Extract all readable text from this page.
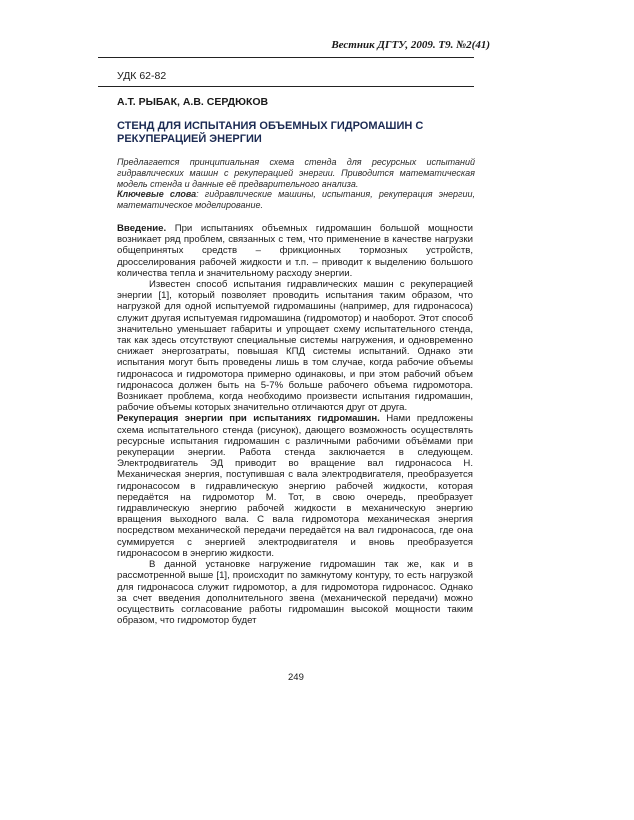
Вестник ДГТУ, 2009. Т9. №2(41)
УДК 62-82
А.Т. РЫБАК, А.В. СЕРДЮКОВ
СТЕНД ДЛЯ ИСПЫТАНИЯ ОБЪЕМНЫХ ГИДРОМАШИН С РЕКУПЕРАЦИЕЙ ЭНЕРГИИ
Предлагается принципиальная схема стенда для ресурсных испытаний гидравлических машин с рекуперацией энергии. Приводится математическая модель стенда и данные её предварительного анализа.
Ключевые слова: гидравлические машины, испытания, рекуперация энергии, математическое моделирование.

Введение. При испытаниях объемных гидромашин большой мощности возникает ряд проблем, связанных с тем, что применение в качестве нагрузки общепринятых средств – фрикционных тормозных устройств, дросселирования рабочей жидкости и т.п. – приводит к выделению большого количества тепла и значительному расходу энергии.

Известен способ испытания гидравлических машин с рекуперацией энергии [1], который позволяет проводить испытания таким образом, что нагрузкой для одной испытуемой гидромашины (например, для гидронасоса) служит другая испытуемая гидромашина (гидромотор) и наоборот. Этот способ значительно уменьшает габариты и упрощает схему испытательного стенда, так как здесь отсутствуют специальные системы нагружения, и одновременно снижает энергозатраты, повышая КПД системы испытаний. Однако эти испытания могут быть проведены лишь в том случае, когда рабочие объемы гидронасоса и гидромотора примерно одинаковы, и при этом рабочий объем гидронасоса должен быть на 5-7% больше рабочего объема гидромотора. Возникает проблема, когда необходимо произвести испытания гидромашин, рабочие объемы которых значительно отличаются друг от друга.

Рекуперация энергии при испытаниях гидромашин. Нами предложены схема испытательного стенда (рисунок), дающего возможность осуществлять ресурсные испытания гидромашин с различными рабочими объёмами при рекуперации энергии. Работа стенда заключается в следующем. Электродвигатель ЭД приводит во вращение вал гидронасоса Н. Механическая энергия, поступившая с вала электродвигателя, преобразуется гидронасосом в гидравлическую энергию рабочей жидкости, которая передаётся на гидромотор М. Тот, в свою очередь, преобразует гидравлическую энергию рабочей жидкости в механическую энергию вращения выходного вала. С вала гидромотора механическая энергия посредством механической передачи передаётся на вал гидронасоса, где она суммируется с энергией электродвигателя и вновь преобразуется гидронасосом в энергию жидкости.

В данной установке нагружение гидромашин так же, как и в рассмотренной выше [1], происходит по замкнутому контуру, то есть нагрузкой для гидронасоса служит гидромотор, а для гидромотора гидронасос. Однако за счет введения дополнительного звена (механической передачи) можно осуществить согласование работы гидромашин высокой мощности таким образом, что гидромотор будет

249
